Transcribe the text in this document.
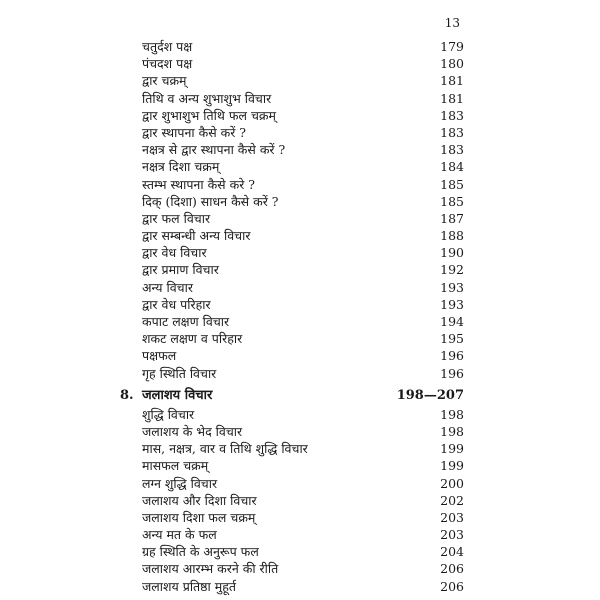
13
चतुर्दश पक्ष	179
पंचदश पक्ष	180
द्वार चक्रम्	181
तिथि व अन्य शुभाशुभ विचार	181
द्वार शुभाशुभ तिथि फल चक्रम्	183
द्वार स्थापना कैसे करें ?	183
नक्षत्र से द्वार स्थापना कैसे करें ?	183
नक्षत्र दिशा चक्रम्	184
स्तम्भ स्थापना कैसे करे ?	185
दिक् (दिशा) साधन कैसे करें ?	185
द्वार फल विचार	187
द्वार सम्बन्धी अन्य विचार	188
द्वार वेध विचार	190
द्वार प्रमाण विचार	192
अन्य विचार	193
द्वार वेध परिहार	193
कपाट लक्षण विचार	194
शकट लक्षण व परिहार	195
पक्षफल	196
गृह स्थिति विचार	196
8. जलाशय विचार	198—207
शुद्धि विचार	198
जलाशय के भेद विचार	198
मास, नक्षत्र, वार व तिथि शुद्धि विचार	199
मासफल चक्रम्	199
लग्न शुद्धि विचार	200
जलाशय और दिशा विचार	202
जलाशय दिशा फल चक्रम्	203
अन्य मत के फल	203
ग्रह स्थिति के अनुरूप फल	204
जलाशय आरम्भ करने की रीति	206
जलाशय प्रतिष्ठा मुहूर्त	206
